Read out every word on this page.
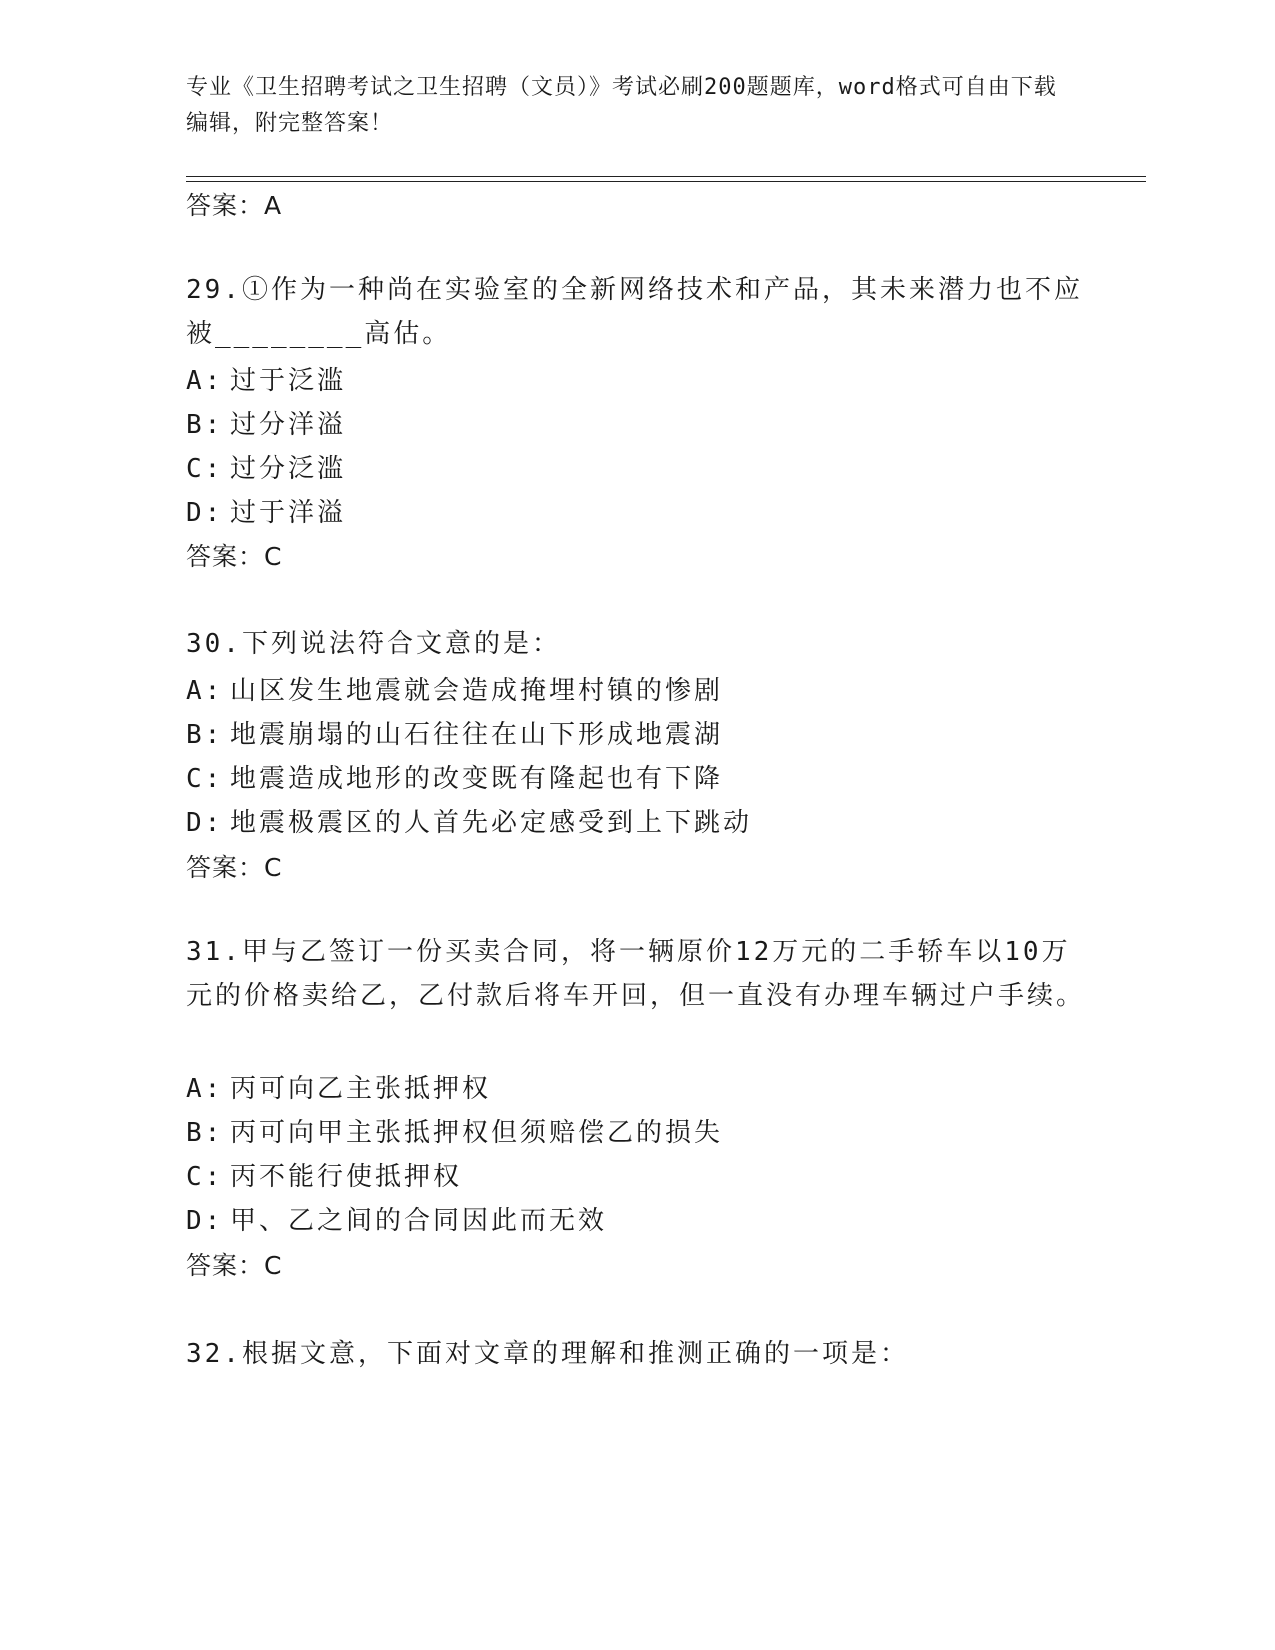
专业《卫生招聘考试之卫生招聘（文员）》考试必刷200题题库，word格式可自由下载编辑，附完整答案！
答案：A
29.①作为一种尚在实验室的全新网络技术和产品，其未来潜力也不应被________高估。
A: 过于泛滥
B: 过分洋溢
C: 过分泛滥
D: 过于洋溢
答案：C
30.下列说法符合文意的是：
A: 山区发生地震就会造成掩埋村镇的惨剧
B: 地震崩塌的山石往往在山下形成地震湖
C: 地震造成地形的改变既有隆起也有下降
D: 地震极震区的人首先必定感受到上下跳动
答案：C
31.甲与乙签订一份买卖合同，将一辆原价12万元的二手轿车以10万元的价格卖给乙，乙付款后将车开回，但一直没有办理车辆过户手续。
A: 丙可向乙主张抵押权
B: 丙可向甲主张抵押权但须赔偿乙的损失
C: 丙不能行使抵押权
D: 甲、乙之间的合同因此而无效
答案：C
32.根据文意，下面对文章的理解和推测正确的一项是：
